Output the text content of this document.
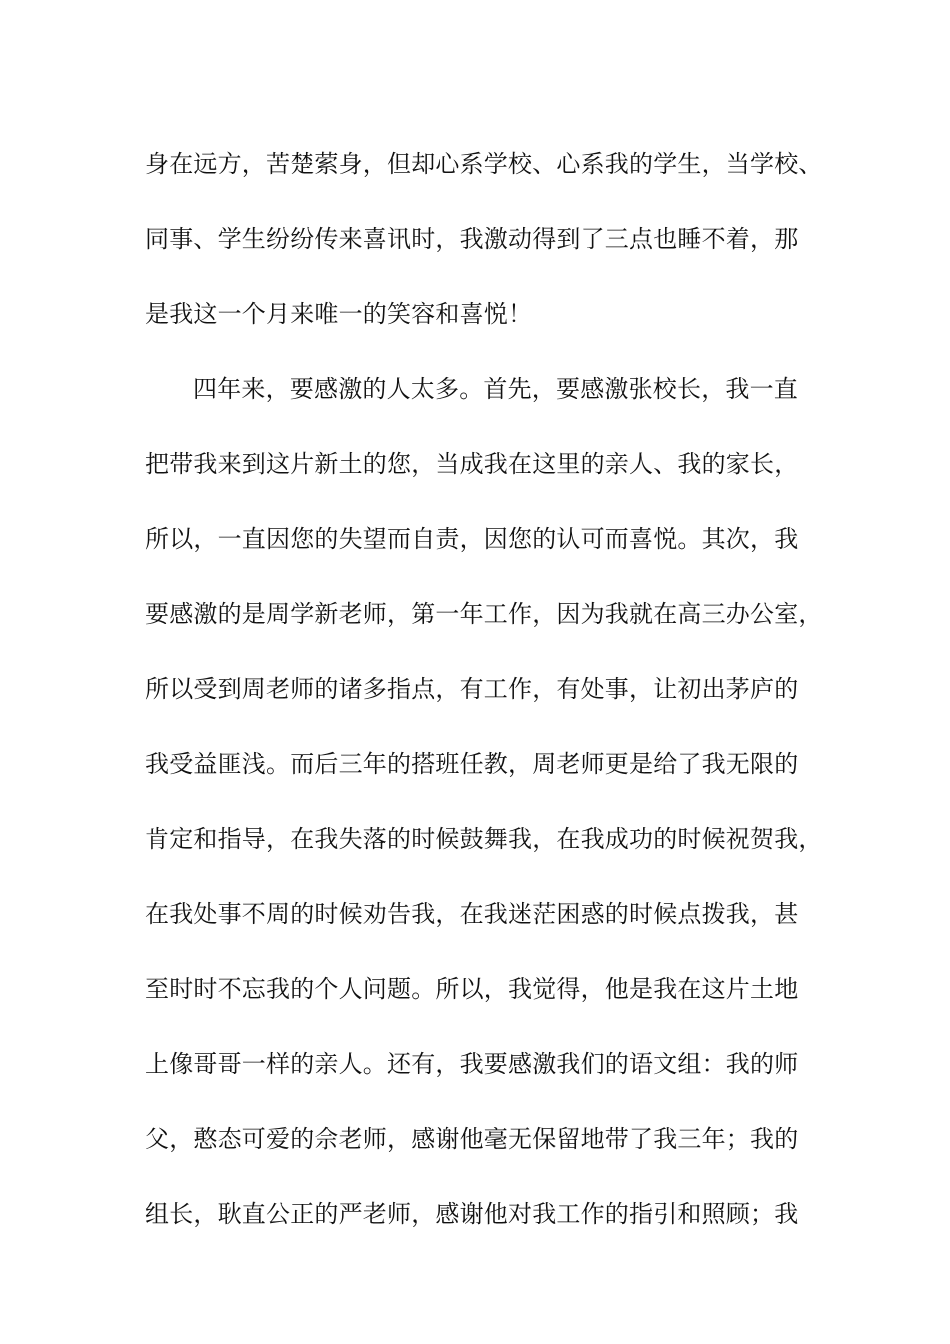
身在远方，苦楚萦身，但却心系学校、心系我的学生，当学校、
同事、学生纷纷传来喜讯时，我激动得到了三点也睡不着，那
是我这一个月来唯一的笑容和喜悦！
四年来，要感激的人太多。首先，要感激张校长，我一直
把带我来到这片新土的您，当成我在这里的亲人、我的家长，
所以，一直因您的失望而自责，因您的认可而喜悦。其次，我
要感激的是周学新老师，第一年工作，因为我就在高三办公室，
所以受到周老师的诸多指点，有工作，有处事，让初出茅庐的
我受益匪浅。而后三年的搭班任教，周老师更是给了我无限的
肯定和指导，在我失落的时候鼓舞我，在我成功的时候祝贺我，
在我处事不周的时候劝告我，在我迷茫困惑的时候点拨我，甚
至时时不忘我的个人问题。所以，我觉得，他是我在这片土地
上像哥哥一样的亲人。还有，我要感激我们的语文组：我的师
父，憨态可爱的佘老师，感谢他毫无保留地带了我三年；我的
组长，耿直公正的严老师，感谢他对我工作的指引和照顾；我
